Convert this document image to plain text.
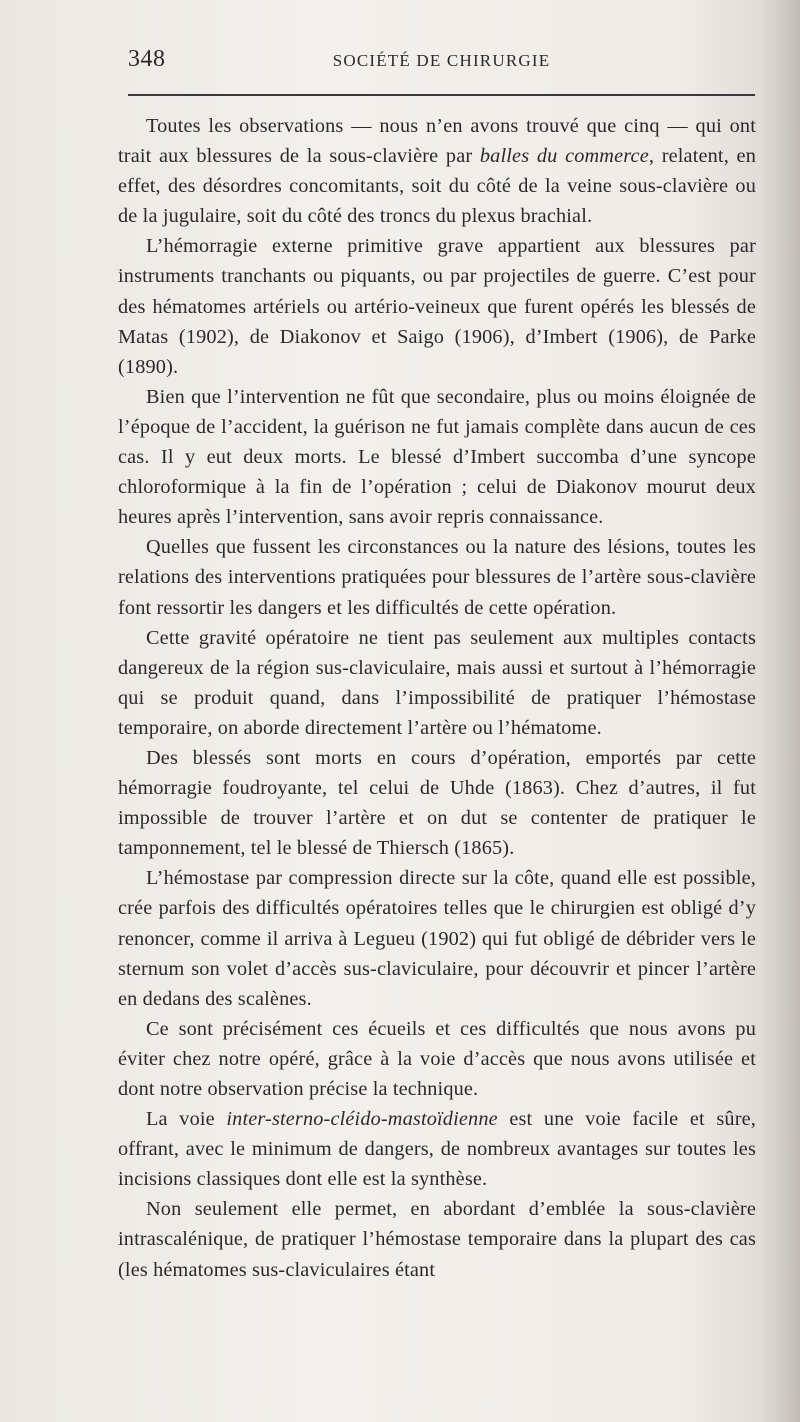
348	SOCIÉTÉ DE CHIRURGIE

Toutes les observations — nous n’en avons trouvé que cinq — qui ont trait aux blessures de la sous-clavière par balles du commerce, relatent, en effet, des désordres concomitants, soit du côté de la veine sous-clavière ou de la jugulaire, soit du côté des troncs du plexus brachial.

L’hémorragie externe primitive grave appartient aux blessures par instruments tranchants ou piquants, ou par projectiles de guerre. C’est pour des hématomes artériels ou artério-veineux que furent opérés les blessés de Matas (1902), de Diakonov et Saigo (1906), d’Imbert (1906), de Parke (1890).

Bien que l’intervention ne fût que secondaire, plus ou moins éloignée de l’époque de l’accident, la guérison ne fut jamais complète dans aucun de ces cas. Il y eut deux morts. Le blessé d’Imbert succomba d’une syncope chloroformique à la fin de l’opération ; celui de Diakonov mourut deux heures après l’intervention, sans avoir repris connaissance.

Quelles que fussent les circonstances ou la nature des lésions, toutes les relations des interventions pratiquées pour blessures de l’artère sous-clavière font ressortir les dangers et les difficultés de cette opération.

Cette gravité opératoire ne tient pas seulement aux multiples contacts dangereux de la région sus-claviculaire, mais aussi et surtout à l’hémorragie qui se produit quand, dans l’impossibilité de pratiquer l’hémostase temporaire, on aborde directement l’artère ou l’hématome.

Des blessés sont morts en cours d’opération, emportés par cette hémorragie foudroyante, tel celui de Uhde (1863). Chez d’autres, il fut impossible de trouver l’artère et on dut se contenter de pratiquer le tamponnement, tel le blessé de Thiersch (1865).

L’hémostase par compression directe sur la côte, quand elle est possible, crée parfois des difficultés opératoires telles que le chirurgien est obligé d’y renoncer, comme il arriva à Legueu (1902) qui fut obligé de débrider vers le sternum son volet d’accès sus-claviculaire, pour découvrir et pincer l’artère en dedans des scalènes.

Ce sont précisément ces écueils et ces difficultés que nous avons pu éviter chez notre opéré, grâce à la voie d’accès que nous avons utilisée et dont notre observation précise la technique.

La voie inter-sterno-cléido-mastoïdienne est une voie facile et sûre, offrant, avec le minimum de dangers, de nombreux avantages sur toutes les incisions classiques dont elle est la synthèse.

Non seulement elle permet, en abordant d’emblée la sous-clavière intrascalénique, de pratiquer l’hémostase temporaire dans la plupart des cas (les hématomes sus-claviculaires étant
